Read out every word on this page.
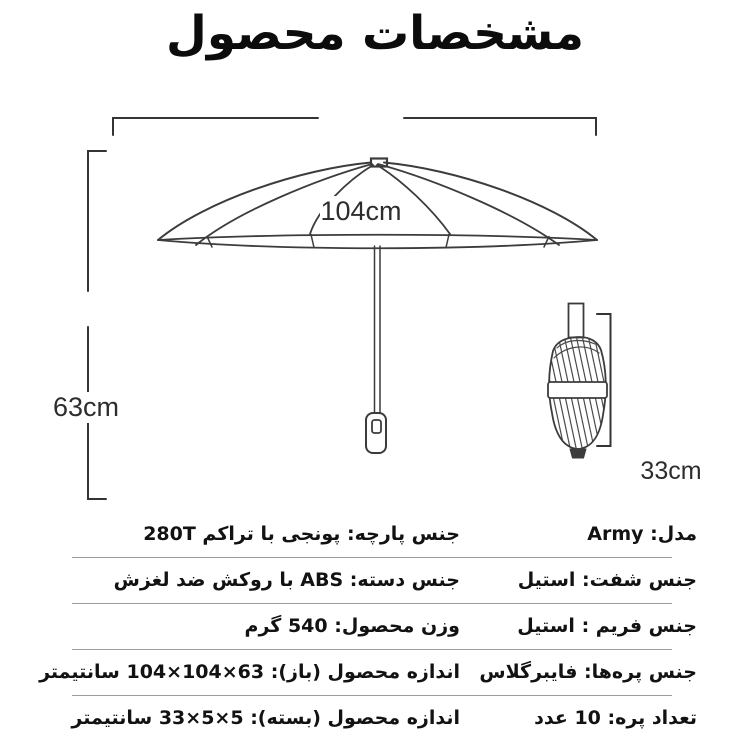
مشخصات محصول
104cm
63cm
33cm
مدل: Army
جنس پارچه: پونجی با تراکم 280T
جنس شفت: استیل
جنس دسته: ABS با روکش ضد لغزش
جنس فریم : استیل
وزن محصول: 540 گرم
جنس پره‌ها: فایبرگلاس
اندازه محصول (باز): 63×104×104 سانتیمتر
تعداد پره: 10 عدد
اندازه محصول (بسته): 5×5×33 سانتیمتر
